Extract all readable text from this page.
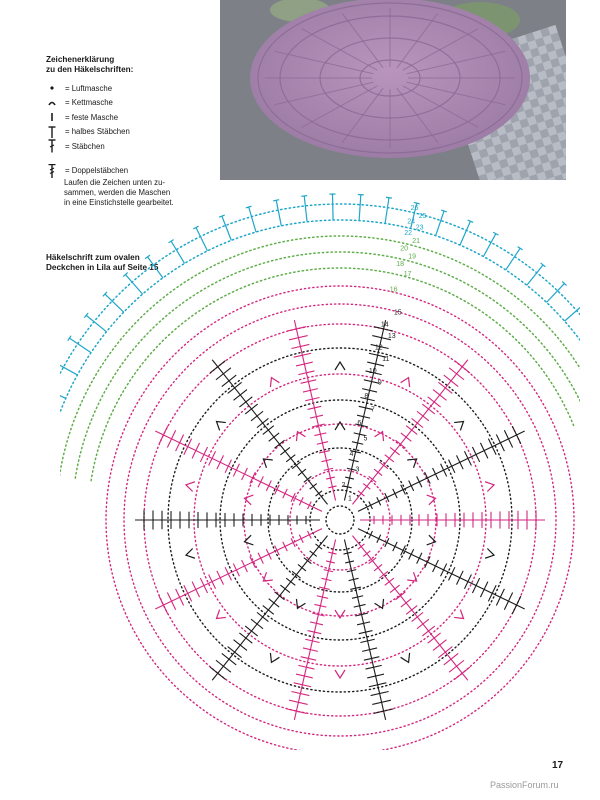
Zeichenerklärung
zu den Häkelschriften:

= Luftmasche
= Kettmasche
= feste Masche
= halbes Stäbchen
= Stäbchen
= Doppelstäbchen

Laufen die Zeichen unten zu-
sammen, werden die Maschen
in eine Einstichstelle gearbeitet.

Häkelschrift zum ovalen
Deckchen in Lila auf Seite 15

1
2
3
4
5
6
7
8
9
10
11
12
13
14
15
16
17
18
19
20
21
22
23
24
25
26
17
PassionForum.ru
